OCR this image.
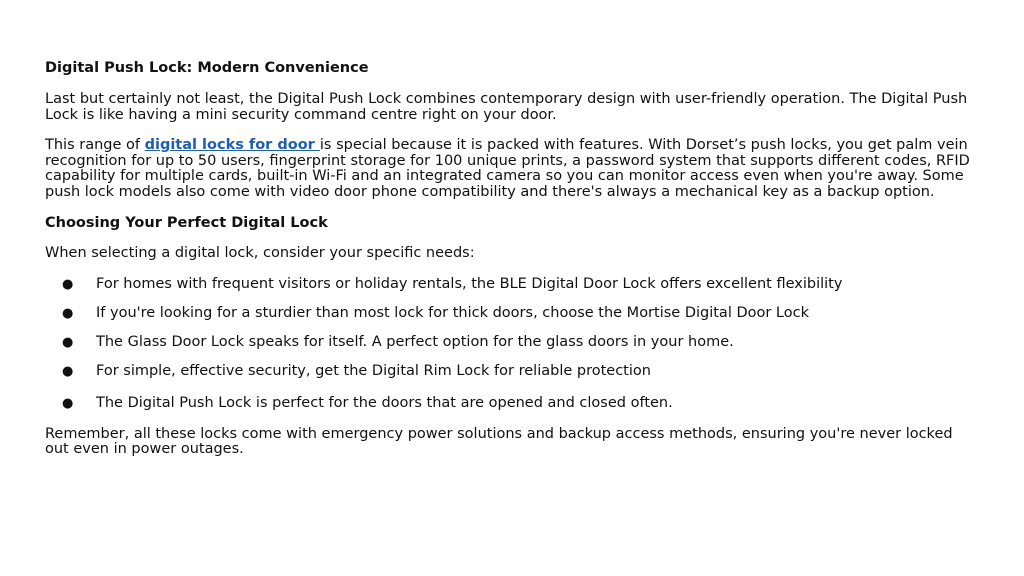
Digital Push Lock: Modern Convenience

Last but certainly not least, the Digital Push Lock combines contemporary design with user-friendly operation. The Digital Push Lock is like having a mini security command centre right on your door.

This range of digital locks for door is special because it is packed with features. With Dorset’s push locks, you get palm vein recognition for up to 50 users, fingerprint storage for 100 unique prints, a password system that supports different codes, RFID capability for multiple cards, built-in Wi-Fi and an integrated camera so you can monitor access even when you're away. Some push lock models also come with video door phone compatibility and there's always a mechanical key as a backup option.

Choosing Your Perfect Digital Lock

When selecting a digital lock, consider your specific needs:

● For homes with frequent visitors or holiday rentals, the BLE Digital Door Lock offers excellent flexibility
● If you're looking for a sturdier than most lock for thick doors, choose the Mortise Digital Door Lock
● The Glass Door Lock speaks for itself. A perfect option for the glass doors in your home.
● For simple, effective security, get the Digital Rim Lock for reliable protection
● The Digital Push Lock is perfect for the doors that are opened and closed often.

Remember, all these locks come with emergency power solutions and backup access methods, ensuring you're never locked out even in power outages.
